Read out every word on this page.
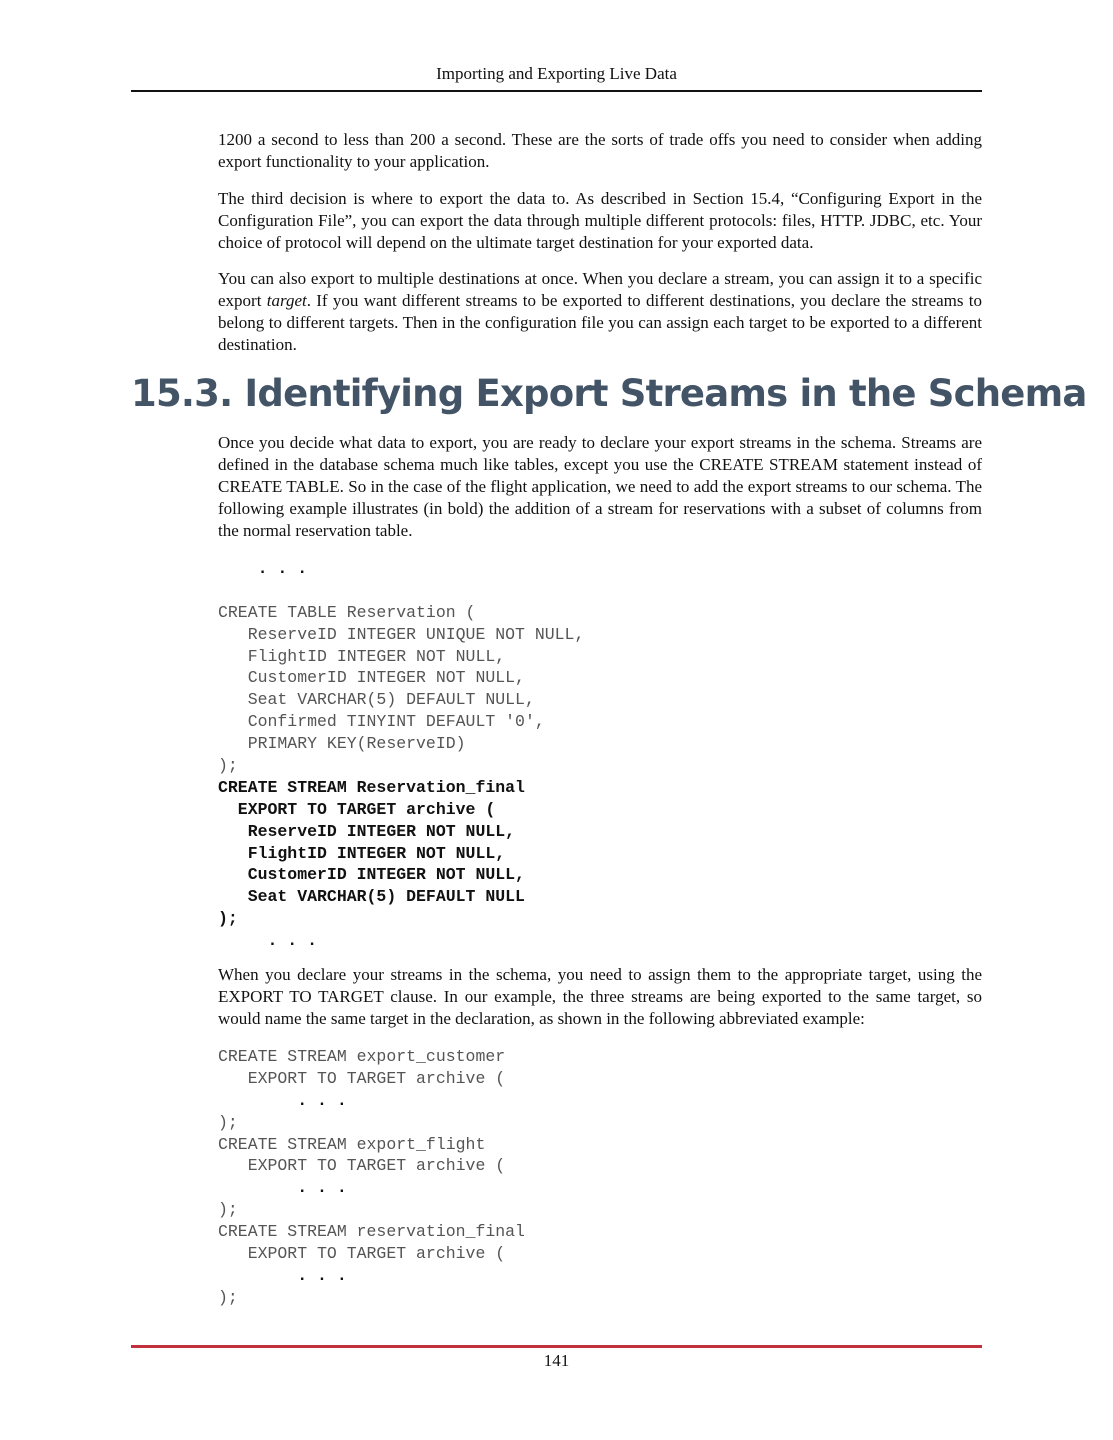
Importing and Exporting Live Data

1200 a second to less than 200 a second. These are the sorts of trade offs you need to consider when adding export functionality to your application.

The third decision is where to export the data to. As described in Section 15.4, “Configuring Export in the Configuration File”, you can export the data through multiple different protocols: files, HTTP. JDBC, etc. Your choice of protocol will depend on the ultimate target destination for your exported data.

You can also export to multiple destinations at once. When you declare a stream, you can assign it to a specific export target. If you want different streams to be exported to different destinations, you declare the streams to belong to different targets. Then in the configuration file you can assign each target to be exported to a different destination.

15.3. Identifying Export Streams in the Schema

Once you decide what data to export, you are ready to declare your export streams in the schema. Streams are defined in the database schema much like tables, except you use the CREATE STREAM statement instead of CREATE TABLE. So in the case of the flight application, we need to add the export streams to our schema. The following example illustrates (in bold) the addition of a stream for reservations with a subset of columns from the normal reservation table.

. . .
CREATE TABLE Reservation (
ReserveID INTEGER UNIQUE NOT NULL,
FlightID INTEGER NOT NULL,
CustomerID INTEGER NOT NULL,
Seat VARCHAR(5) DEFAULT NULL,
Confirmed TINYINT DEFAULT '0',
PRIMARY KEY(ReserveID)
);
CREATE STREAM Reservation_final
EXPORT TO TARGET archive (
ReserveID INTEGER NOT NULL,
FlightID INTEGER NOT NULL,
CustomerID INTEGER NOT NULL,
Seat VARCHAR(5) DEFAULT NULL
);
. . .

When you declare your streams in the schema, you need to assign them to the appropriate target, using the EXPORT TO TARGET clause. In our example, the three streams are being exported to the same target, so would name the same target in the declaration, as shown in the following abbreviated example:

CREATE STREAM export_customer
EXPORT TO TARGET archive (
. . .
);
CREATE STREAM export_flight
EXPORT TO TARGET archive (
. . .
);
CREATE STREAM reservation_final
EXPORT TO TARGET archive (
. . .
);
141
